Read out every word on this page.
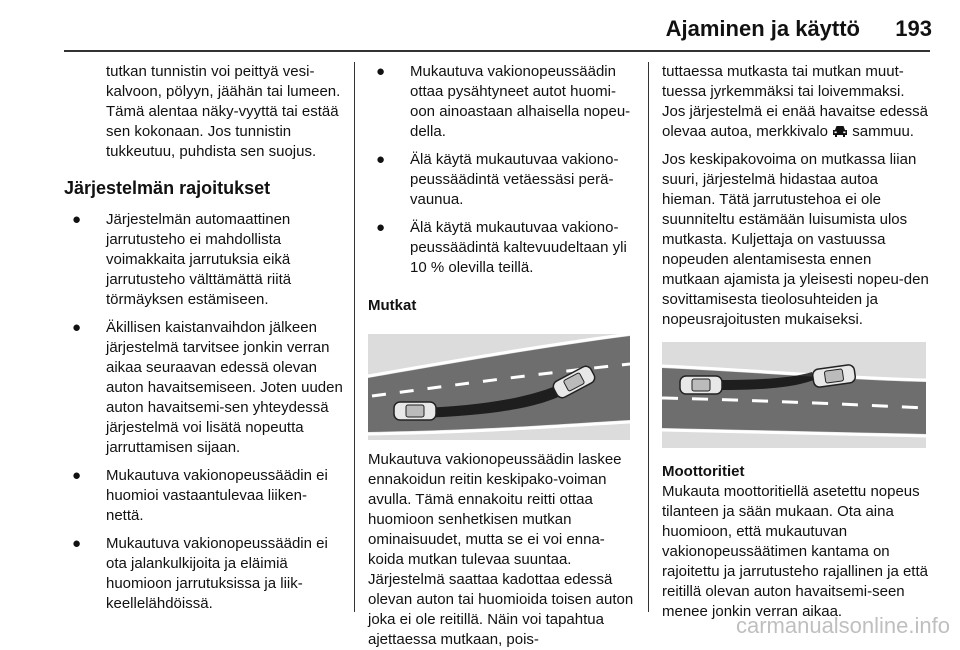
Ajaminen ja käyttö	193

tutkan tunnistin voi peittyä vesi-kalvoon, pölyyn, jäähän tai lumeen. Tämä alentaa näky-vyyttä tai estää sen kokonaan. Jos tunnistin tukkeutuu, puhdista sen suojus.

Järjestelmän rajoitukset

● Järjestelmän automaattinen jarrutusteho ei mahdollista voimakkaita jarrutuksia eikä jarrutusteho välttämättä riitä törmäyksen estämiseen.

● Äkillisen kaistanvaihdon jälkeen järjestelmä tarvitsee jonkin verran aikaa seuraavan edessä olevan auton havaitsemiseen. Joten uuden auton havaitsemi-sen yhteydessä järjestelmä voi lisätä nopeutta jarruttamisen sijaan.

● Mukautuva vakionopeussäädin ei huomioi vastaantulevaa liiken-nettä.

● Mukautuva vakionopeussäädin ei ota jalankulkijoita ja eläimiä huomioon jarrutuksissa ja liik-keellelähdöissä.

● Mukautuva vakionopeussäädin ottaa pysähtyneet autot huomi-oon ainoastaan alhaisella nopeu-della.

● Älä käytä mukautuvaa vakiono-peussäädintä vetäessäsi perä-vaunua.

● Älä käytä mukautuvaa vakiono-peussäädintä kaltevuudeltaan yli 10 % olevilla teillä.

Mutkat

Mukautuva vakionopeussäädin laskee ennakoidun reitin keskipako-voiman avulla. Tämä ennakoitu reitti ottaa huomioon senhetkisen mutkan ominaisuudet, mutta se ei voi enna-koida mutkan tulevaa suuntaa. Järjestelmä saattaa kadottaa edessä olevan auton tai huomioida toisen auton joka ei ole reitillä. Näin voi tapahtua ajettaessa mutkaan, pois-

tuttaessa mutkasta tai mutkan muut-tuessa jyrkemmäksi tai loivemmaksi. Jos järjestelmä ei enää havaitse edessä olevaa autoa, merkkivalo sammuu.

Jos keskipakovoima on mutkassa liian suuri, järjestelmä hidastaa autoa hieman. Tätä jarrutustehoa ei ole suunniteltu estämään luisumista ulos mutkasta. Kuljettaja on vastuussa nopeuden alentamisesta ennen mutkaan ajamista ja yleisesti nopeu-den sovittamisesta tieolosuhteiden ja nopeusrajoitusten mukaiseksi.

Moottoritiet

Mukauta moottoritiellä asetettu nopeus tilanteen ja sään mukaan. Ota aina huomioon, että mukautuvan vakionopeussäätimen kantama on rajoitettu ja jarrutusteho rajallinen ja että reitillä olevan auton havaitsemi-seen menee jonkin verran aikaa.

carmanualsonline.info
